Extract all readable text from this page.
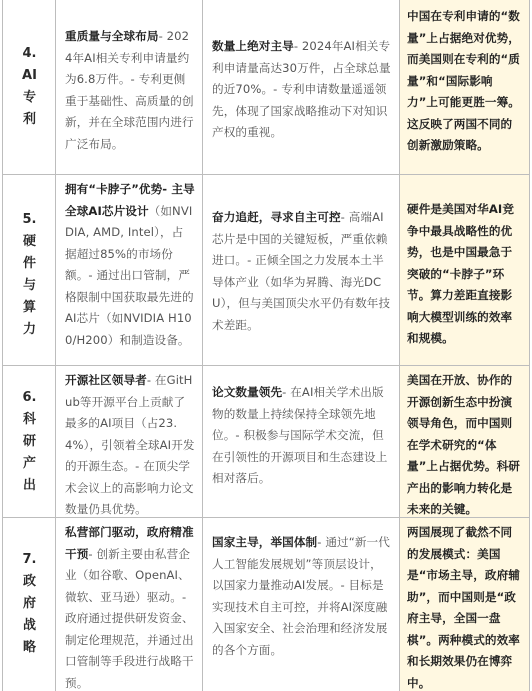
4.
AI
专
利
重质量与全球布局- 2024年AI相关专利申请量约为6.8万件。- 专利更侧重于基础性、高质量的创新，并在全球范围内进行广泛布局。
数量上绝对主导- 2024年AI相关专利申请量高达30万件，占全球总量的近70%。- 专利申请数量遥遥领先，体现了国家战略推动下对知识产权的重视。
中国在专利申请的“数量”上占据绝对优势，而美国则在专利的“质量”和“国际影响力”上可能更胜一筹。这反映了两国不同的创新激励策略。
5.
硬
件
与
算
力
拥有“卡脖子”优势- 主导全球AI芯片设计（如NVIDIA, AMD, Intel），占据超过85%的市场份额。- 通过出口管制，严格限制中国获取最先进的AI芯片（如NVIDIA H100/H200）和制造设备。
奋力追赶，寻求自主可控- 高端AI芯片是中国的关键短板，严重依赖进口。- 正倾全国之力发展本土半导体产业（如华为昇腾、海光DCU），但与美国顶尖水平仍有数年技术差距。
硬件是美国对华AI竞争中最具战略性的优势，也是中国最急于突破的“卡脖子”环节。算力差距直接影响大模型训练的效率和规模。
6.
科
研
产
出
开源社区领导者- 在GitHub等开源平台上贡献了最多的AI项目（占23.4%），引领着全球AI开发的开源生态。- 在顶尖学术会议上的高影响力论文数量仍具优势。
论文数量领先- 在AI相关学术出版物的数量上持续保持全球领先地位。- 积极参与国际学术交流，但在引领性的开源项目和生态建设上相对落后。
美国在开放、协作的开源创新生态中扮演领导角色，而中国则在学术研究的“体量”上占据优势。科研产出的影响力转化是未来的关键。
7.
政
府
战
略
私营部门驱动，政府精准干预- 创新主要由私营企业（如谷歌、OpenAI、微软、亚马逊）驱动。- 政府通过提供研发资金、制定伦理规范，并通过出口管制等手段进行战略干预。
国家主导，举国体制- 通过“新一代人工智能发展规划”等顶层设计，以国家力量推动AI发展。- 目标是实现技术自主可控，并将AI深度融入国家安全、社会治理和经济发展的各个方面。
两国展现了截然不同的发展模式：美国是“市场主导，政府辅助”，而中国则是“政府主导，全国一盘棋”。两种模式的效率和长期效果仍在博弈中。
